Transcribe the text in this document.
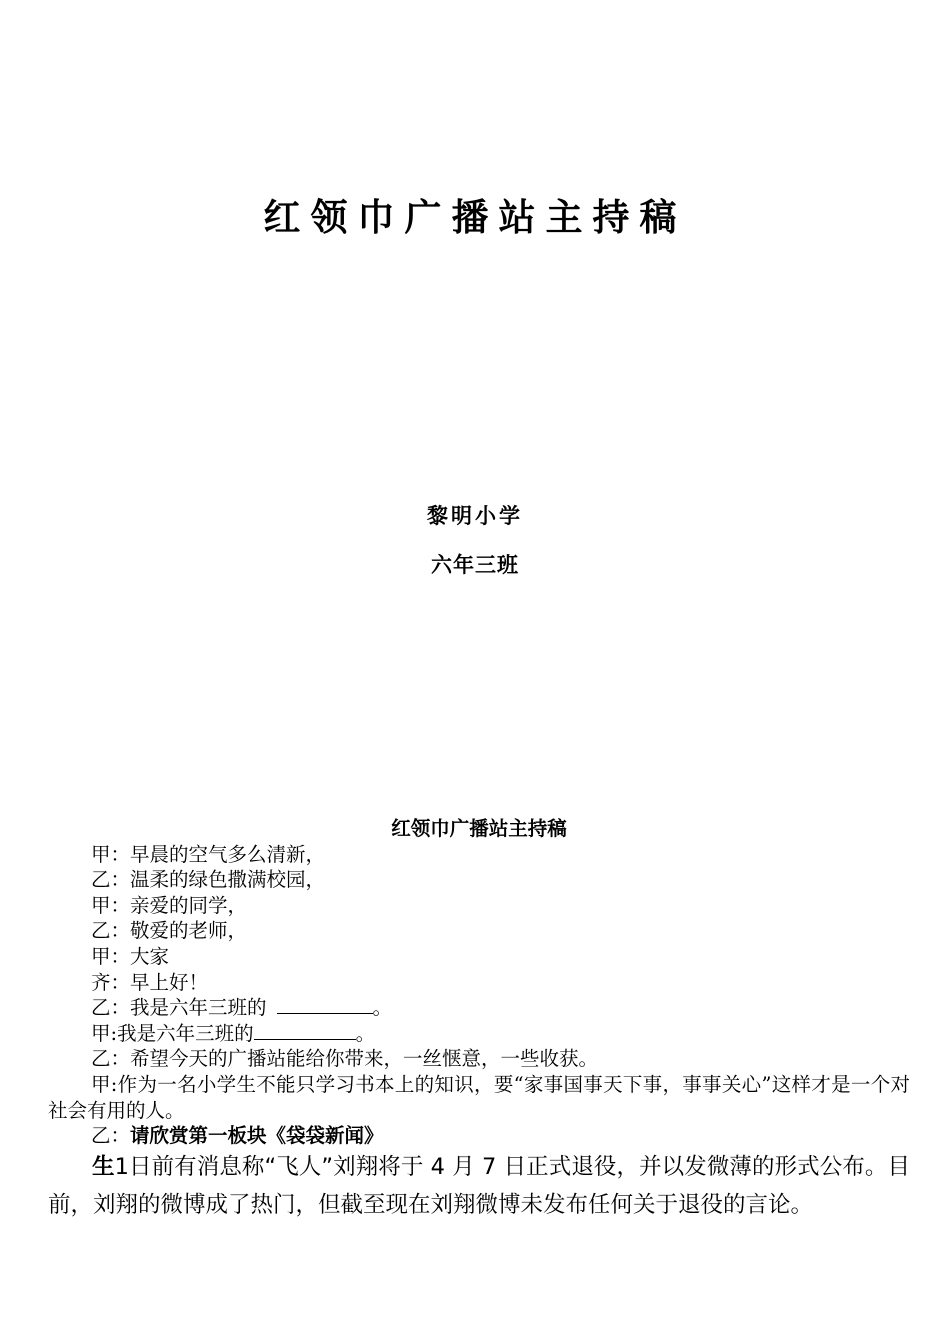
红领巾广播站主持稿
黎明小学
六年三班
红领巾广播站主持稿

甲：早晨的空气多么清新，

乙：温柔的绿色撒满校园，

甲：亲爱的同学，

乙：敬爱的老师，

甲：大家

齐：早上好！

乙：我是六年三班的	。

甲:我是六年三班的	。

乙：希望今天的广播站能给你带来，一丝惬意，一些收获。

甲:作为一名小学生不能只学习书本上的知识，要“家事国事天下事，事事关心”这样才是一个对社会有用的人。

乙：请欣赏第一板块《袋袋新闻》

生1日前有消息称“飞人”刘翔将于 4 月 7 日正式退役，并以发微薄的形式公布。目前，刘翔的微博成了热门，但截至现在刘翔微博未发布任何关于退役的言论。
